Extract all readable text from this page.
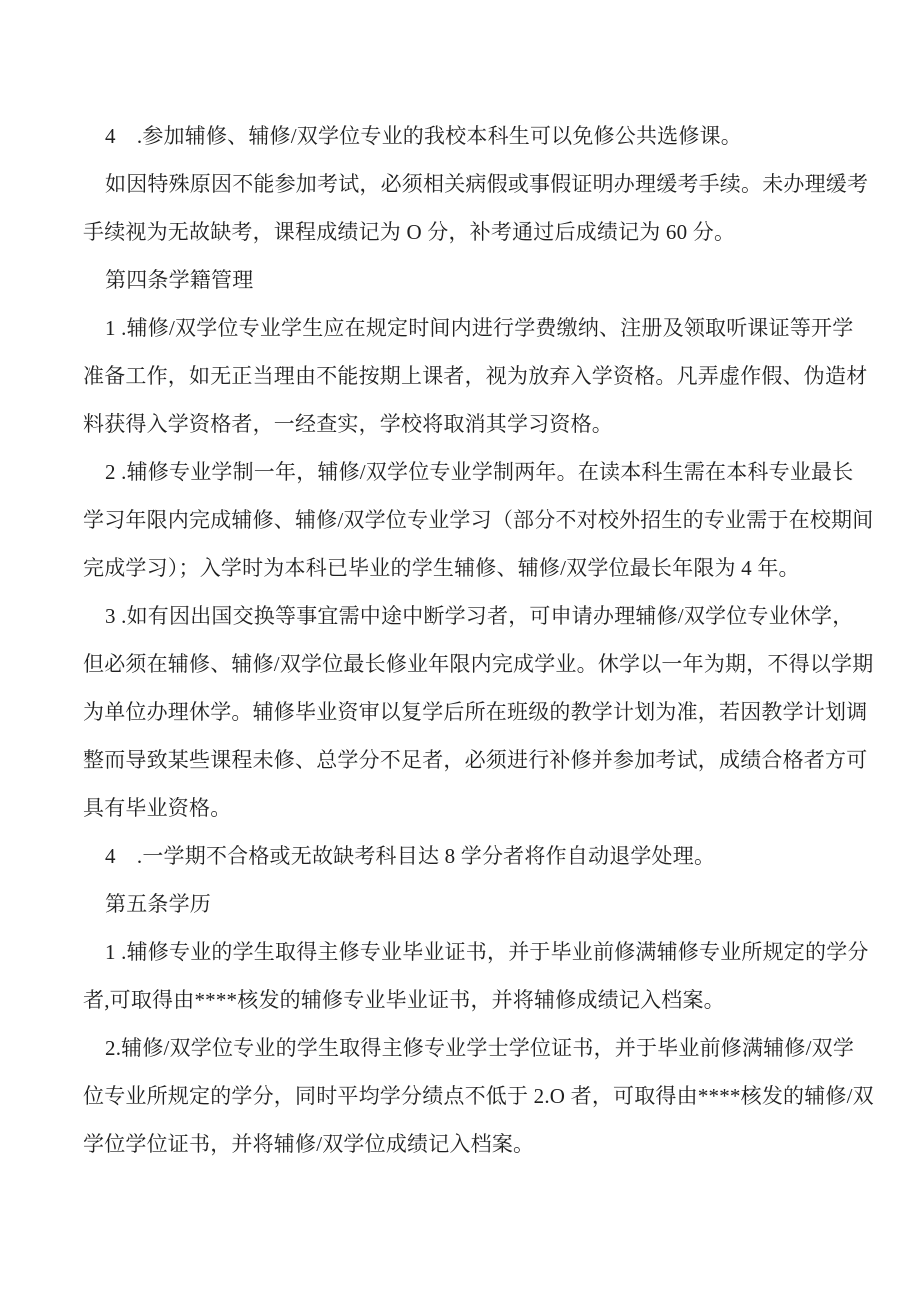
4　.参加辅修、辅修/双学位专业的我校本科生可以免修公共选修课。
如因特殊原因不能参加考试，必须相关病假或事假证明办理缓考手续。未办理缓考
手续视为无故缺考，课程成绩记为 O 分，补考通过后成绩记为 60 分。
第四条学籍管理
1 .辅修/双学位专业学生应在规定时间内进行学费缴纳、注册及领取听课证等开学
准备工作，如无正当理由不能按期上课者，视为放弃入学资格。凡弄虚作假、伪造材
料获得入学资格者，一经查实，学校将取消其学习资格。
2 .辅修专业学制一年，辅修/双学位专业学制两年。在读本科生需在本科专业最长
学习年限内完成辅修、辅修/双学位专业学习（部分不对校外招生的专业需于在校期间
完成学习）；入学时为本科已毕业的学生辅修、辅修/双学位最长年限为 4 年。
3 .如有因出国交换等事宜需中途中断学习者，可申请办理辅修/双学位专业休学，
但必须在辅修、辅修/双学位最长修业年限内完成学业。休学以一年为期，不得以学期
为单位办理休学。辅修毕业资审以复学后所在班级的教学计划为准，若因教学计划调
整而导致某些课程未修、总学分不足者，必须进行补修并参加考试，成绩合格者方可
具有毕业资格。
4　.一学期不合格或无故缺考科目达 8 学分者将作自动退学处理。
第五条学历
1 .辅修专业的学生取得主修专业毕业证书，并于毕业前修满辅修专业所规定的学分
者,可取得由****核发的辅修专业毕业证书，并将辅修成绩记入档案。
2.辅修/双学位专业的学生取得主修专业学士学位证书，并于毕业前修满辅修/双学
位专业所规定的学分，同时平均学分绩点不低于 2.O 者，可取得由****核发的辅修/双
学位学位证书，并将辅修/双学位成绩记入档案。
